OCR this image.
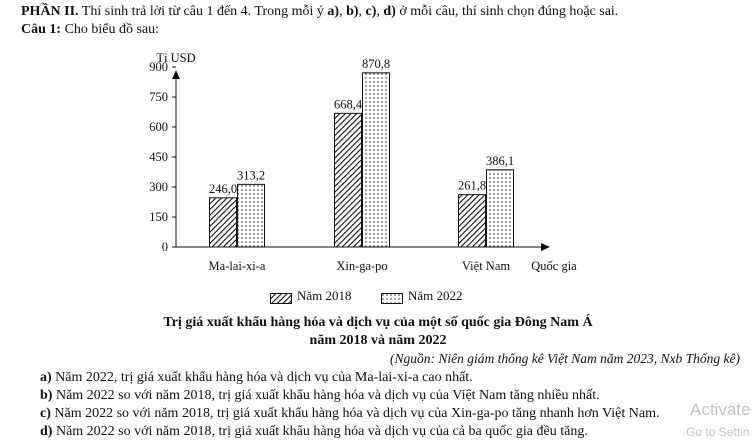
PHẦN II. Thí sinh trả lời từ câu 1 đến 4. Trong mỗi ý a), b), c), d) ở mỗi câu, thí sinh chọn đúng hoặc sai.
Câu 1: Cho biểu đồ sau:
0
150
300
450
600
750
900
Tỉ USD
Quốc gia
Ma-lai-xi-a
246,0
313,2
Xin-ga-po
668,4
870,8
Việt Nam
261,8
386,1
Năm 2018	Năm 2022
Trị giá xuất khẩu hàng hóa và dịch vụ của một số quốc gia Đông Nam Á
năm 2018 và năm 2022
(Nguồn: Niên giám thống kê Việt Nam năm 2023, Nxb Thống kê)
a) Năm 2022, trị giá xuất khẩu hàng hóa và dịch vụ của Ma-lai-xi-a cao nhất.
b) Năm 2022 so với năm 2018, trị giá xuất khẩu hàng hóa và dịch vụ của Việt Nam tăng nhiều nhất.
c) Năm 2022 so với năm 2018, trị giá xuất khẩu hàng hóa và dịch vụ của Xin-ga-po tăng nhanh hơn Việt Nam.
d) Năm 2022 so với năm 2018, trị giá xuất khẩu hàng hóa và dịch vụ của cả ba quốc gia đều tăng.
Activate
Go to Settin
